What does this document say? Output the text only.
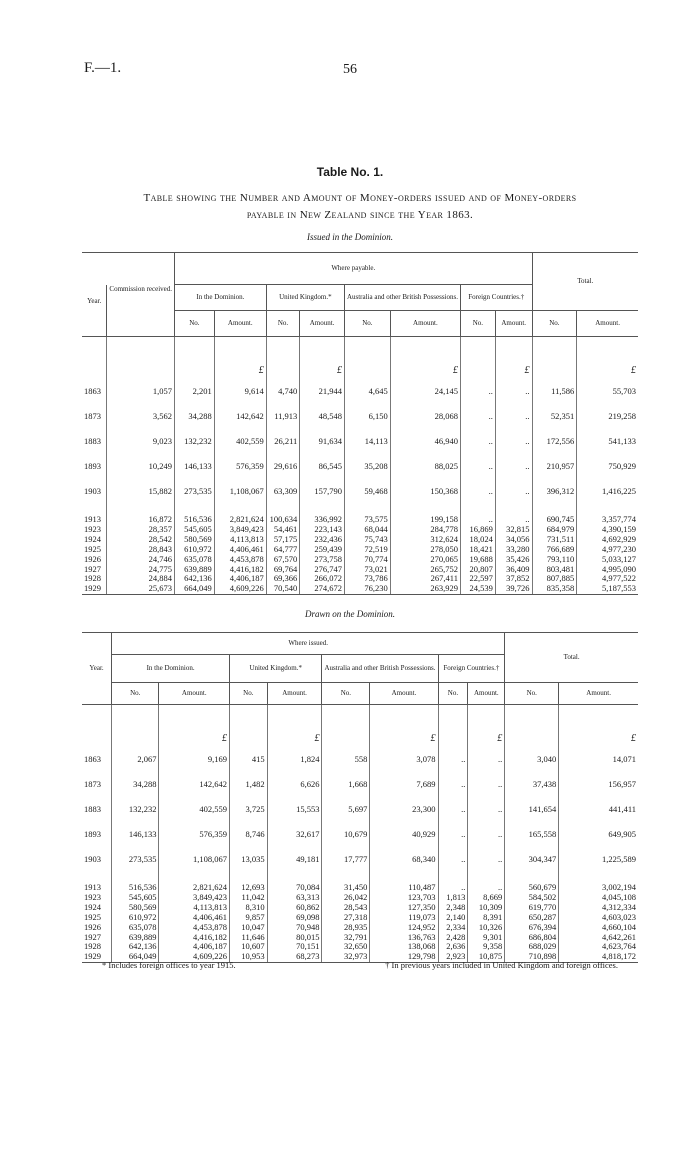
F.—1.	56
Table No. 1.
Table showing the Number and Amount of Money-orders issued and of Money-orders
payable in New Zealand since the Year 1863.
Issued in the Dominion.
Year.		Where payable.								Total.	
	Commission received.	In the Dominion.		United Kingdom.*		Australia and other British Possessions.		Foreign Countries.†			
		No.	Amount.	No.	Amount.	No.	Amount.	No.	Amount.	No.	Amount.

			£		£		£		£		£
1863	1,057	2,201	9,614	4,740	21,944	4,645	24,145	..	..	11,586	55,703
1873	3,562	34,288	142,642	11,913	48,548	6,150	28,068	..	..	52,351	219,258
1883	9,023	132,232	402,559	26,211	91,634	14,113	46,940	..	..	172,556	541,133
1893	10,249	146,133	576,359	29,616	86,545	35,208	88,025	..	..	210,957	750,929
1903	15,882	273,535	1,108,067	63,309	157,790	59,468	150,368	..	..	396,312	1,416,225

1913	16,872	516,536	2,821,624	100,634	336,992	73,575	199,158	..	..	690,745	3,357,774
1923	28,357	545,605	3,849,423	54,461	223,143	68,044	284,778	16,869	32,815	684,979	4,390,159
1924	28,542	580,569	4,113,813	57,175	232,436	75,743	312,624	18,024	34,056	731,511	4,692,929
1925	28,843	610,972	4,406,461	64,777	259,439	72,519	278,050	18,421	33,280	766,689	4,977,230
1926	24,746	635,078	4,453,878	67,570	273,758	70,774	270,065	19,688	35,426	793,110	5,033,127
1927	24,775	639,889	4,416,182	69,764	276,747	73,021	265,752	20,807	36,409	803,481	4,995,090
1928	24,884	642,136	4,406,187	69,366	266,072	73,786	267,411	22,597	37,852	807,885	4,977,522
1929	25,673	664,049	4,609,226	70,540	274,672	76,230	263,929	24,539	39,726	835,358	5,187,553
Drawn on the Dominion.
Year.	Where issued.								Total.	
	In the Dominion.		United Kingdom.*		Australia and other British Possessions.		Foreign Countries.†			
	No.	Amount.	No.	Amount.	No.	Amount.	No.	Amount.	No.	Amount.

		£		£		£		£		£
1863	2,067	9,169	415	1,824	558	3,078	..	..	3,040	14,071
1873	34,288	142,642	1,482	6,626	1,668	7,689	..	..	37,438	156,957
1883	132,232	402,559	3,725	15,553	5,697	23,300	..	..	141,654	441,411
1893	146,133	576,359	8,746	32,617	10,679	40,929	..	..	165,558	649,905
1903	273,535	1,108,067	13,035	49,181	17,777	68,340	..	..	304,347	1,225,589

1913	516,536	2,821,624	12,693	70,084	31,450	110,487	..	..	560,679	3,002,194
1923	545,605	3,849,423	11,042	63,313	26,042	123,703	1,813	8,669	584,502	4,045,108
1924	580,569	4,113,813	8,310	60,862	28,543	127,350	2,348	10,309	619,770	4,312,334
1925	610,972	4,406,461	9,857	69,098	27,318	119,073	2,140	8,391	650,287	4,603,023
1926	635,078	4,453,878	10,047	70,948	28,935	124,952	2,334	10,326	676,394	4,660,104
1927	639,889	4,416,182	11,646	80,015	32,791	136,763	2,428	9,301	686,804	4,642,261
1928	642,136	4,406,187	10,607	70,151	32,650	138,068	2,636	9,358	688,029	4,623,764
1929	664,049	4,609,226	10,953	68,273	32,973	129,798	2,923	10,875	710,898	4,818,172
* Includes foreign offices to year 1915.	† In previous years included in United Kingdom and foreign offices.
